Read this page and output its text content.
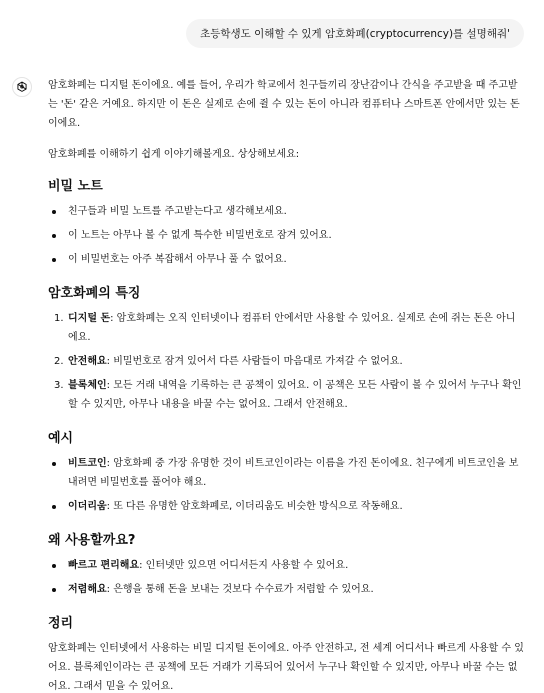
초등학생도 이해할 수 있게 암호화폐(cryptocurrency)를 설명해줘'

암호화폐는 디지털 돈이에요. 예를 들어, 우리가 학교에서 친구들끼리 장난감이나 간식을 주고받을 때 주고받는 '돈' 같은 거예요. 하지만 이 돈은 실제로 손에 쥘 수 있는 돈이 아니라 컴퓨터나 스마트폰 안에서만 있는 돈이에요.

암호화폐를 이해하기 쉽게 이야기해볼게요. 상상해보세요:

비밀 노트
친구들과 비밀 노트를 주고받는다고 생각해보세요.
이 노트는 아무나 볼 수 없게 특수한 비밀번호로 잠겨 있어요.
이 비밀번호는 아주 복잡해서 아무나 풀 수 없어요.
암호화폐의 특징
1. 디지털 돈: 암호화폐는 오직 인터넷이나 컴퓨터 안에서만 사용할 수 있어요. 실제로 손에 쥐는 돈은 아니에요.
2. 안전해요: 비밀번호로 잠겨 있어서 다른 사람들이 마음대로 가져갈 수 없어요.
3. 블록체인: 모든 거래 내역을 기록하는 큰 공책이 있어요. 이 공책은 모든 사람이 볼 수 있어서 누구나 확인할 수 있지만, 아무나 내용을 바꿀 수는 없어요. 그래서 안전해요.
예시
비트코인: 암호화폐 중 가장 유명한 것이 비트코인이라는 이름을 가진 돈이에요. 친구에게 비트코인을 보내려면 비밀번호를 풀어야 해요.
이더리움: 또 다른 유명한 암호화폐로, 이더리움도 비슷한 방식으로 작동해요.
왜 사용할까요?
빠르고 편리해요: 인터넷만 있으면 어디서든지 사용할 수 있어요.
저렴해요: 은행을 통해 돈을 보내는 것보다 수수료가 저렴할 수 있어요.
정리

암호화폐는 인터넷에서 사용하는 비밀 디지털 돈이에요. 아주 안전하고, 전 세계 어디서나 빠르게 사용할 수 있어요. 블록체인이라는 큰 공책에 모든 거래가 기록되어 있어서 누구나 확인할 수 있지만, 아무나 바꿀 수는 없어요. 그래서 믿을 수 있어요.
